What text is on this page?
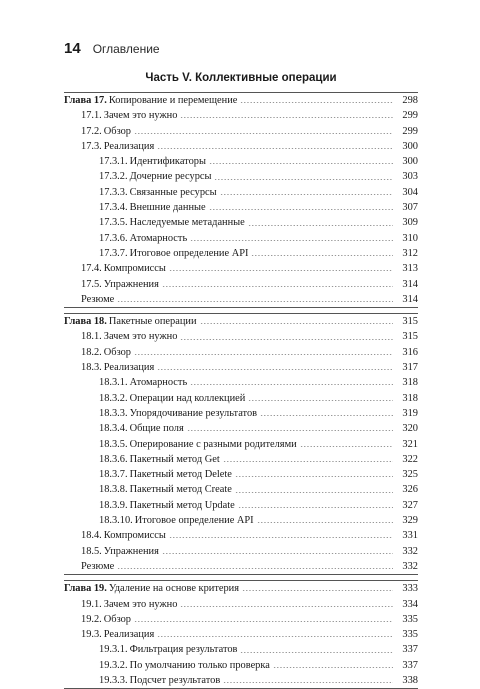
14 Оглавление
Часть V. Коллективные операции
Глава 17. Копирование и перемещение	298
17.1. Зачем это нужно	299
17.2. Обзор	299
17.3. Реализация	300
17.3.1. Идентификаторы	300
17.3.2. Дочерние ресурсы	303
17.3.3. Связанные ресурсы	304
17.3.4. Внешние данные	307
17.3.5. Наследуемые метаданные	309
17.3.6. Атомарность	310
17.3.7. Итоговое определение API	312
17.4. Компромиссы	313
17.5. Упражнения	314
Резюме	314
Глава 18. Пакетные операции	315
18.1. Зачем это нужно	315
18.2. Обзор	316
18.3. Реализация	317
18.3.1. Атомарность	318
18.3.2. Операции над коллекцией	318
18.3.3. Упорядочивание результатов	319
18.3.4. Общие поля	320
18.3.5. Оперирование с разными родителями	321
18.3.6. Пакетный метод Get	322
18.3.7. Пакетный метод Delete	325
18.3.8. Пакетный метод Create	326
18.3.9. Пакетный метод Update	327
18.3.10. Итоговое определение API	329
18.4. Компромиссы	331
18.5. Упражнения	332
Резюме	332
Глава 19. Удаление на основе критерия	333
19.1. Зачем это нужно	334
19.2. Обзор	335
19.3. Реализация	335
19.3.1. Фильтрация результатов	337
19.3.2. По умолчанию только проверка	337
19.3.3. Подсчет результатов	338
